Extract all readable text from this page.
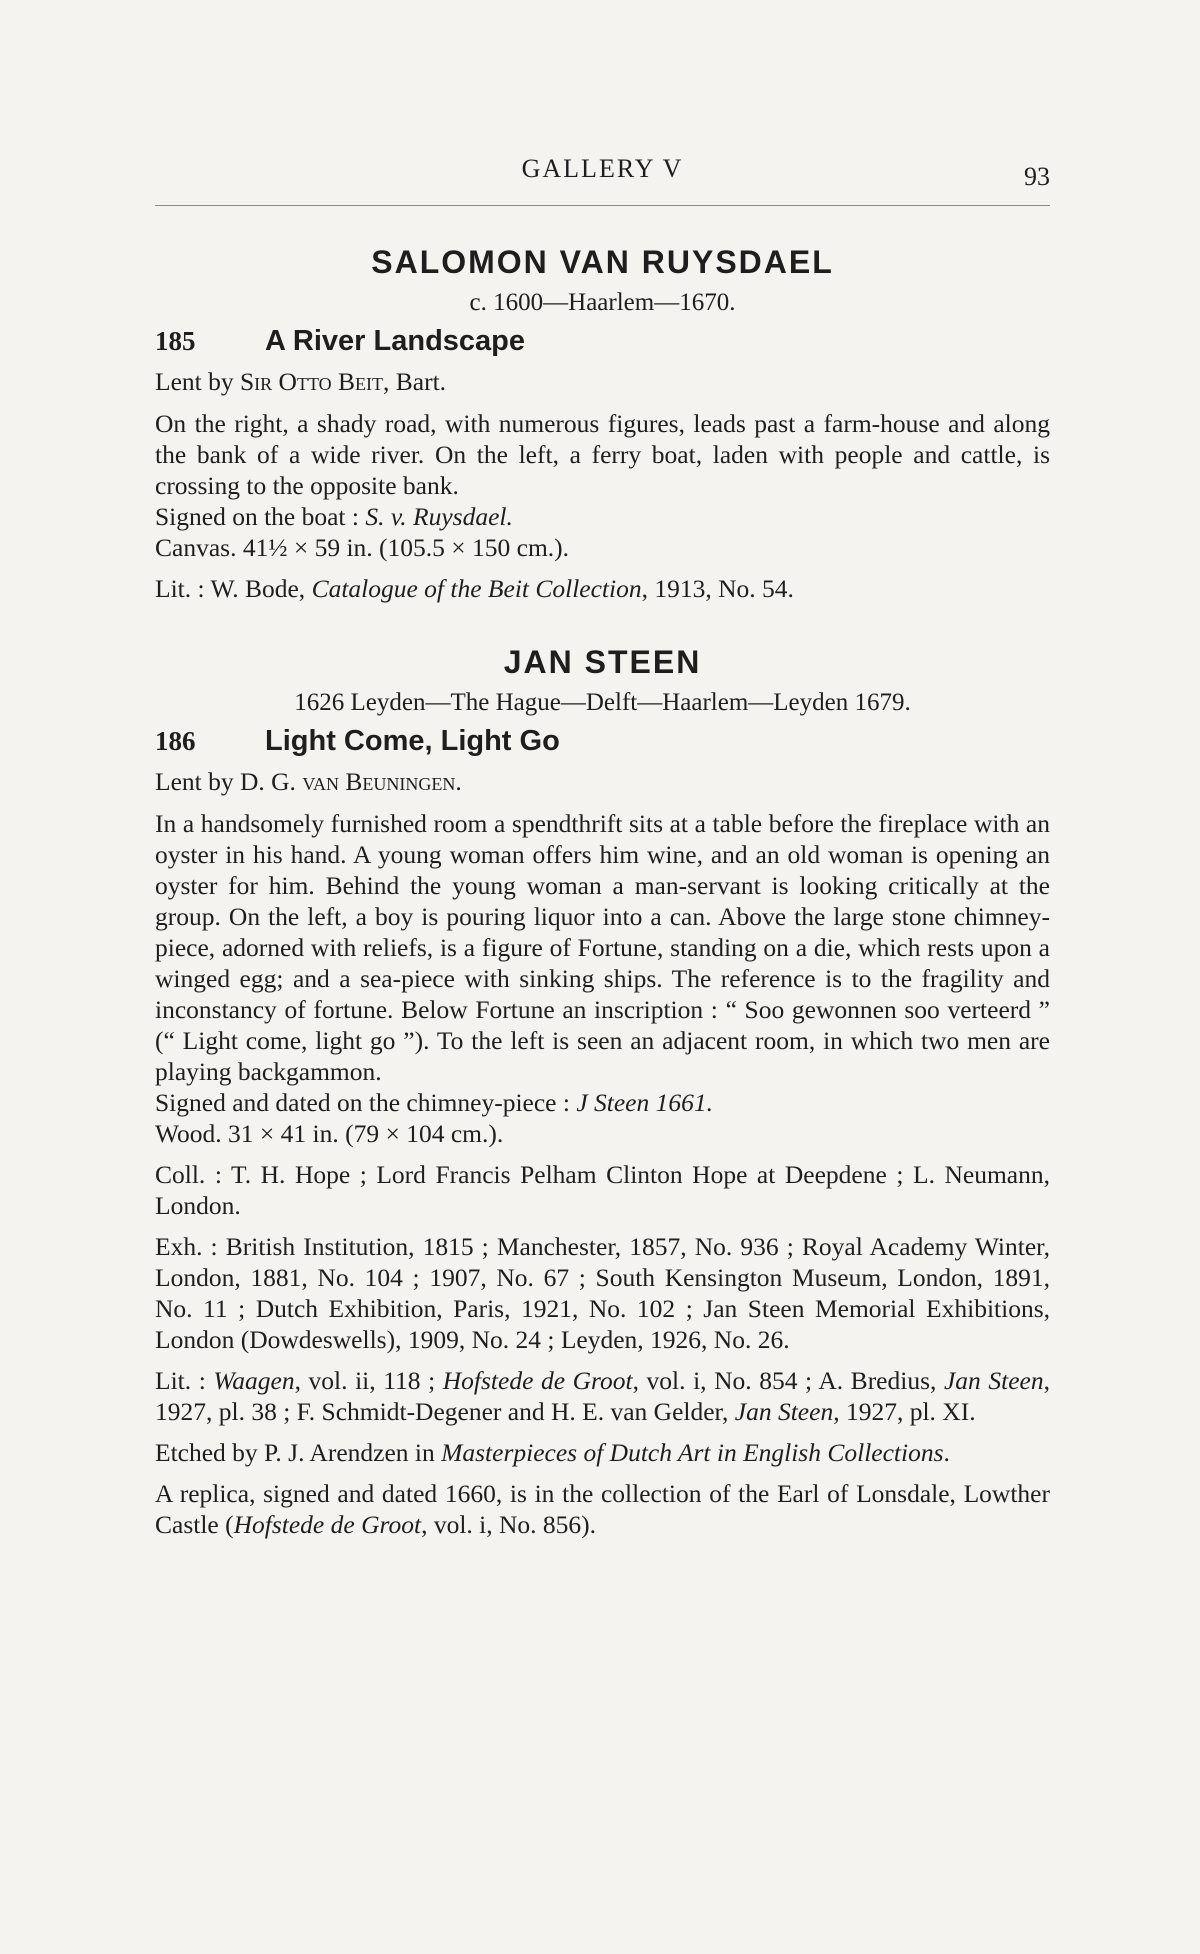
GALLERY V	93
SALOMON VAN RUYSDAEL
c. 1600—Haarlem—1670.
185 A River Landscape

Lent by Sir Otto Beit, Bart.

On the right, a shady road, with numerous figures, leads past a farm-house and along the bank of a wide river. On the left, a ferry boat, laden with people and cattle, is crossing to the opposite bank.

Signed on the boat : S. v. Ruysdael.

Canvas. 41½ × 59 in. (105.5 × 150 cm.).

Lit. : W. Bode, Catalogue of the Beit Collection, 1913, No. 54.

JAN STEEN
1626 Leyden—The Hague—Delft—Haarlem—Leyden 1679.
186 Light Come, Light Go

Lent by D. G. van Beuningen.

In a handsomely furnished room a spendthrift sits at a table before the fireplace with an oyster in his hand. A young woman offers him wine, and an old woman is opening an oyster for him. Behind the young woman a man-servant is looking critically at the group. On the left, a boy is pouring liquor into a can. Above the large stone chimney-piece, adorned with reliefs, is a figure of Fortune, standing on a die, which rests upon a winged egg; and a sea-piece with sinking ships. The reference is to the fragility and inconstancy of fortune. Below Fortune an inscription : “ Soo gewonnen soo verteerd ” (“ Light come, light go ”). To the left is seen an adjacent room, in which two men are playing backgammon.

Signed and dated on the chimney-piece : J Steen 1661.

Wood. 31 × 41 in. (79 × 104 cm.).

Coll. : T. H. Hope ; Lord Francis Pelham Clinton Hope at Deepdene ; L. Neumann, London.

Exh. : British Institution, 1815 ; Manchester, 1857, No. 936 ; Royal Academy Winter, London, 1881, No. 104 ; 1907, No. 67 ; South Kensington Museum, London, 1891, No. 11 ; Dutch Exhibition, Paris, 1921, No. 102 ; Jan Steen Memorial Exhibitions, London (Dowdeswells), 1909, No. 24 ; Leyden, 1926, No. 26.

Lit. : Waagen, vol. ii, 118 ; Hofstede de Groot, vol. i, No. 854 ; A. Bredius, Jan Steen, 1927, pl. 38 ; F. Schmidt-Degener and H. E. van Gelder, Jan Steen, 1927, pl. XI.

Etched by P. J. Arendzen in Masterpieces of Dutch Art in English Collections.

A replica, signed and dated 1660, is in the collection of the Earl of Lonsdale, Lowther Castle (Hofstede de Groot, vol. i, No. 856).
